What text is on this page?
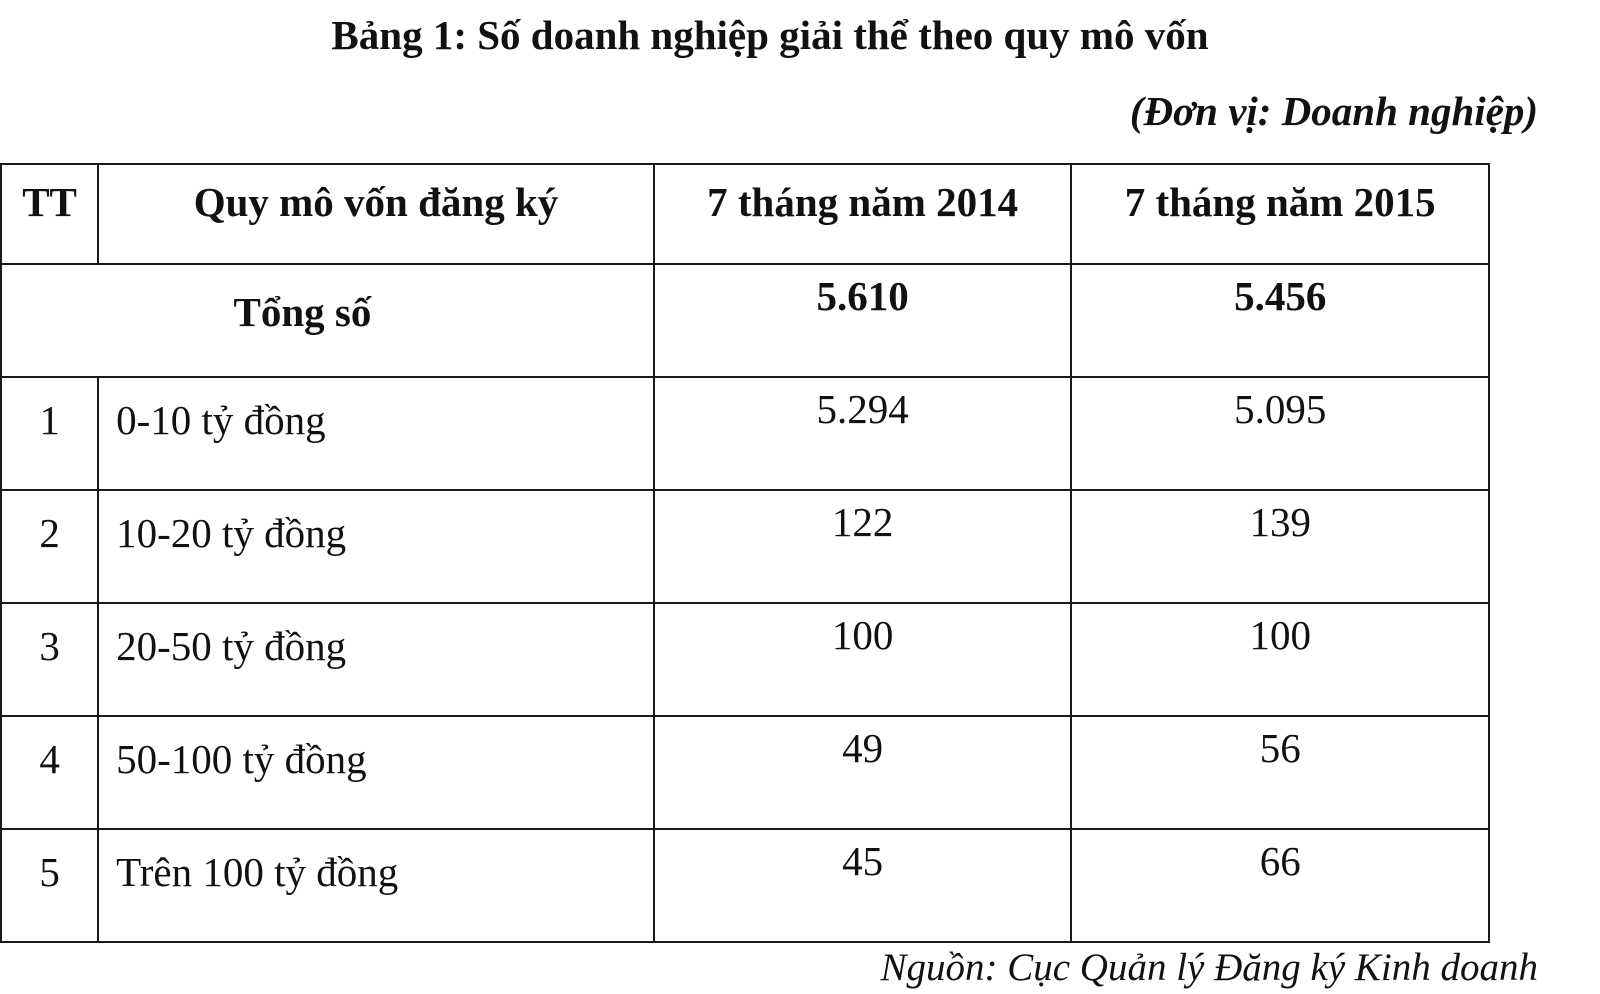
Bảng 1: Số doanh nghiệp giải thể theo quy mô vốn
(Đơn vị: Doanh nghiệp)
TT	Quy mô vốn đăng ký	7 tháng năm 2014	7 tháng năm 2015
Tổng số		5.610	5.456
1	0-10 tỷ đồng	5.294	5.095
2	10-20 tỷ đồng	122	139
3	20-50 tỷ đồng	100	100
4	50-100 tỷ đồng	49	56
5	Trên 100 tỷ đồng	45	66
Nguồn: Cục Quản lý Đăng ký Kinh doanh
